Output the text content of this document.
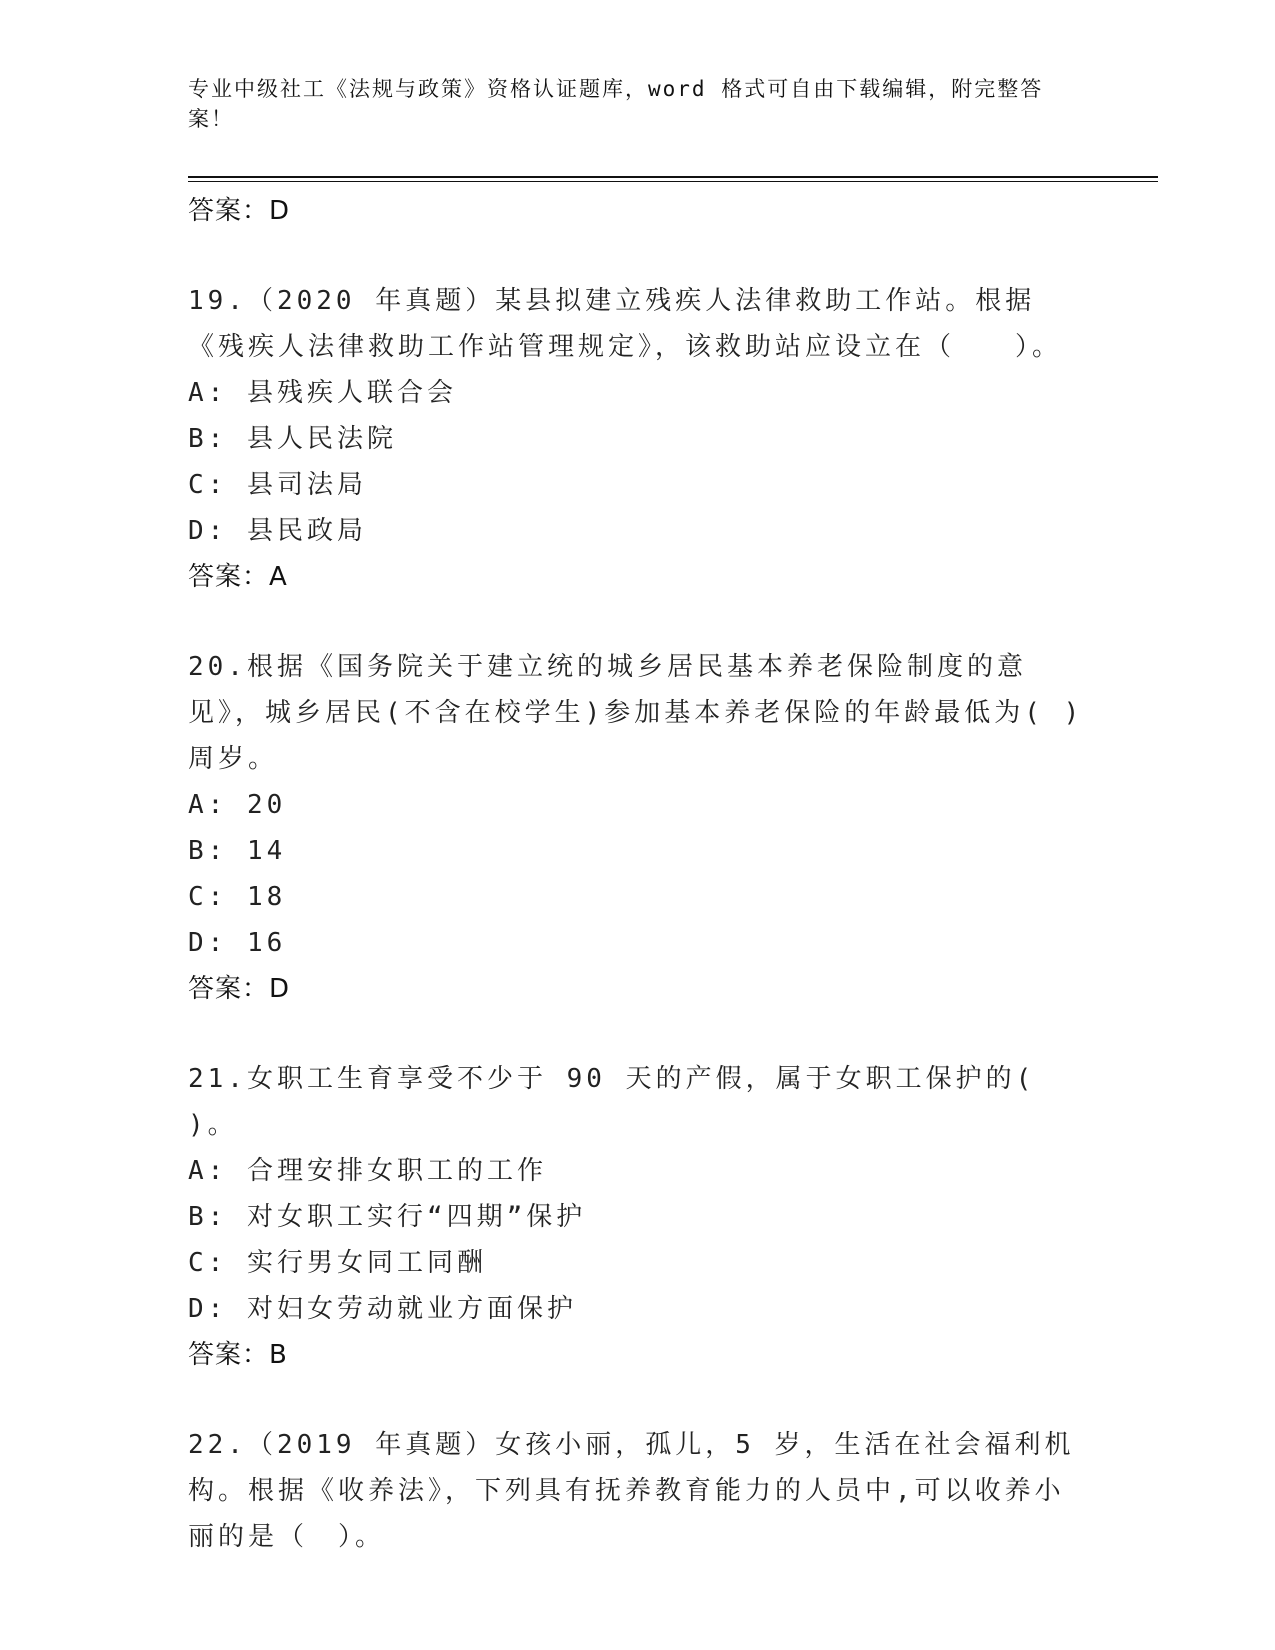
专业中级社工《法规与政策》资格认证题库，word 格式可自由下载编辑，附完整答案！
答案：D
19.（2020 年真题）某县拟建立残疾人法律救助工作站。根据《残疾人法律救助工作站管理规定》，该救助站应设立在（　　）。
A: 县残疾人联合会
B: 县人民法院
C: 县司法局
D: 县民政局
答案：A
20.根据《国务院关于建立统的城乡居民基本养老保险制度的意见》，城乡居民(不含在校学生)参加基本养老保险的年龄最低为( ) 周岁。
A: 20
B: 14
C: 18
D: 16
答案：D
21.女职工生育享受不少于 90 天的产假，属于女职工保护的( )。
A: 合理安排女职工的工作
B: 对女职工实行“四期”保护
C: 实行男女同工同酬
D: 对妇女劳动就业方面保护
答案：B
22.（2019 年真题）女孩小丽，孤儿，5 岁，生活在社会福利机构。根据《收养法》，下列具有抚养教育能力的人员中,可以收养小丽的是（　）。
